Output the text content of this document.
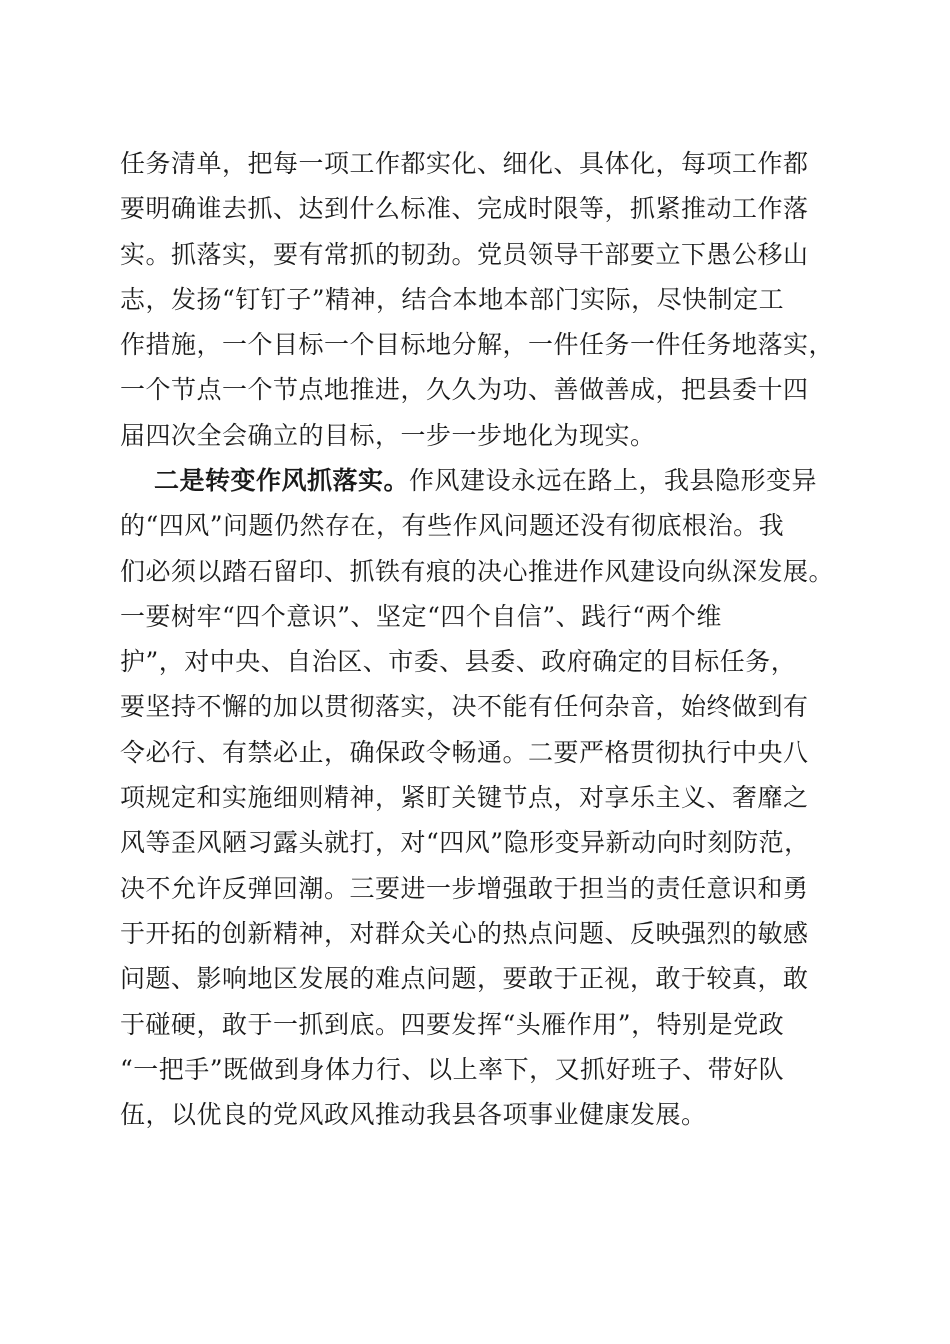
任务清单，把每一项工作都实化、细化、具体化，每项工作都
要明确谁去抓、达到什么标准、完成时限等，抓紧推动工作落
实。抓落实，要有常抓的韧劲。党员领导干部要立下愚公移山
志，发扬“钉钉子”精神，结合本地本部门实际，尽快制定工
作措施，一个目标一个目标地分解，一件任务一件任务地落实，
一个节点一个节点地推进，久久为功、善做善成，把县委十四
届四次全会确立的目标，一步一步地化为现实。
二是转变作风抓落实。作风建设永远在路上，我县隐形变异
的“四风”问题仍然存在，有些作风问题还没有彻底根治。我
们必须以踏石留印、抓铁有痕的决心推进作风建设向纵深发展。
一要树牢“四个意识”、坚定“四个自信”、践行“两个维
护”，对中央、自治区、市委、县委、政府确定的目标任务，
要坚持不懈的加以贯彻落实，决不能有任何杂音，始终做到有
令必行、有禁必止，确保政令畅通。二要严格贯彻执行中央八
项规定和实施细则精神，紧盯关键节点，对享乐主义、奢靡之
风等歪风陋习露头就打，对“四风”隐形变异新动向时刻防范，
决不允许反弹回潮。三要进一步增强敢于担当的责任意识和勇
于开拓的创新精神，对群众关心的热点问题、反映强烈的敏感
问题、影响地区发展的难点问题，要敢于正视，敢于较真，敢
于碰硬，敢于一抓到底。四要发挥“头雁作用”，特别是党政
“一把手”既做到身体力行、以上率下，又抓好班子、带好队
伍，以优良的党风政风推动我县各项事业健康发展。
